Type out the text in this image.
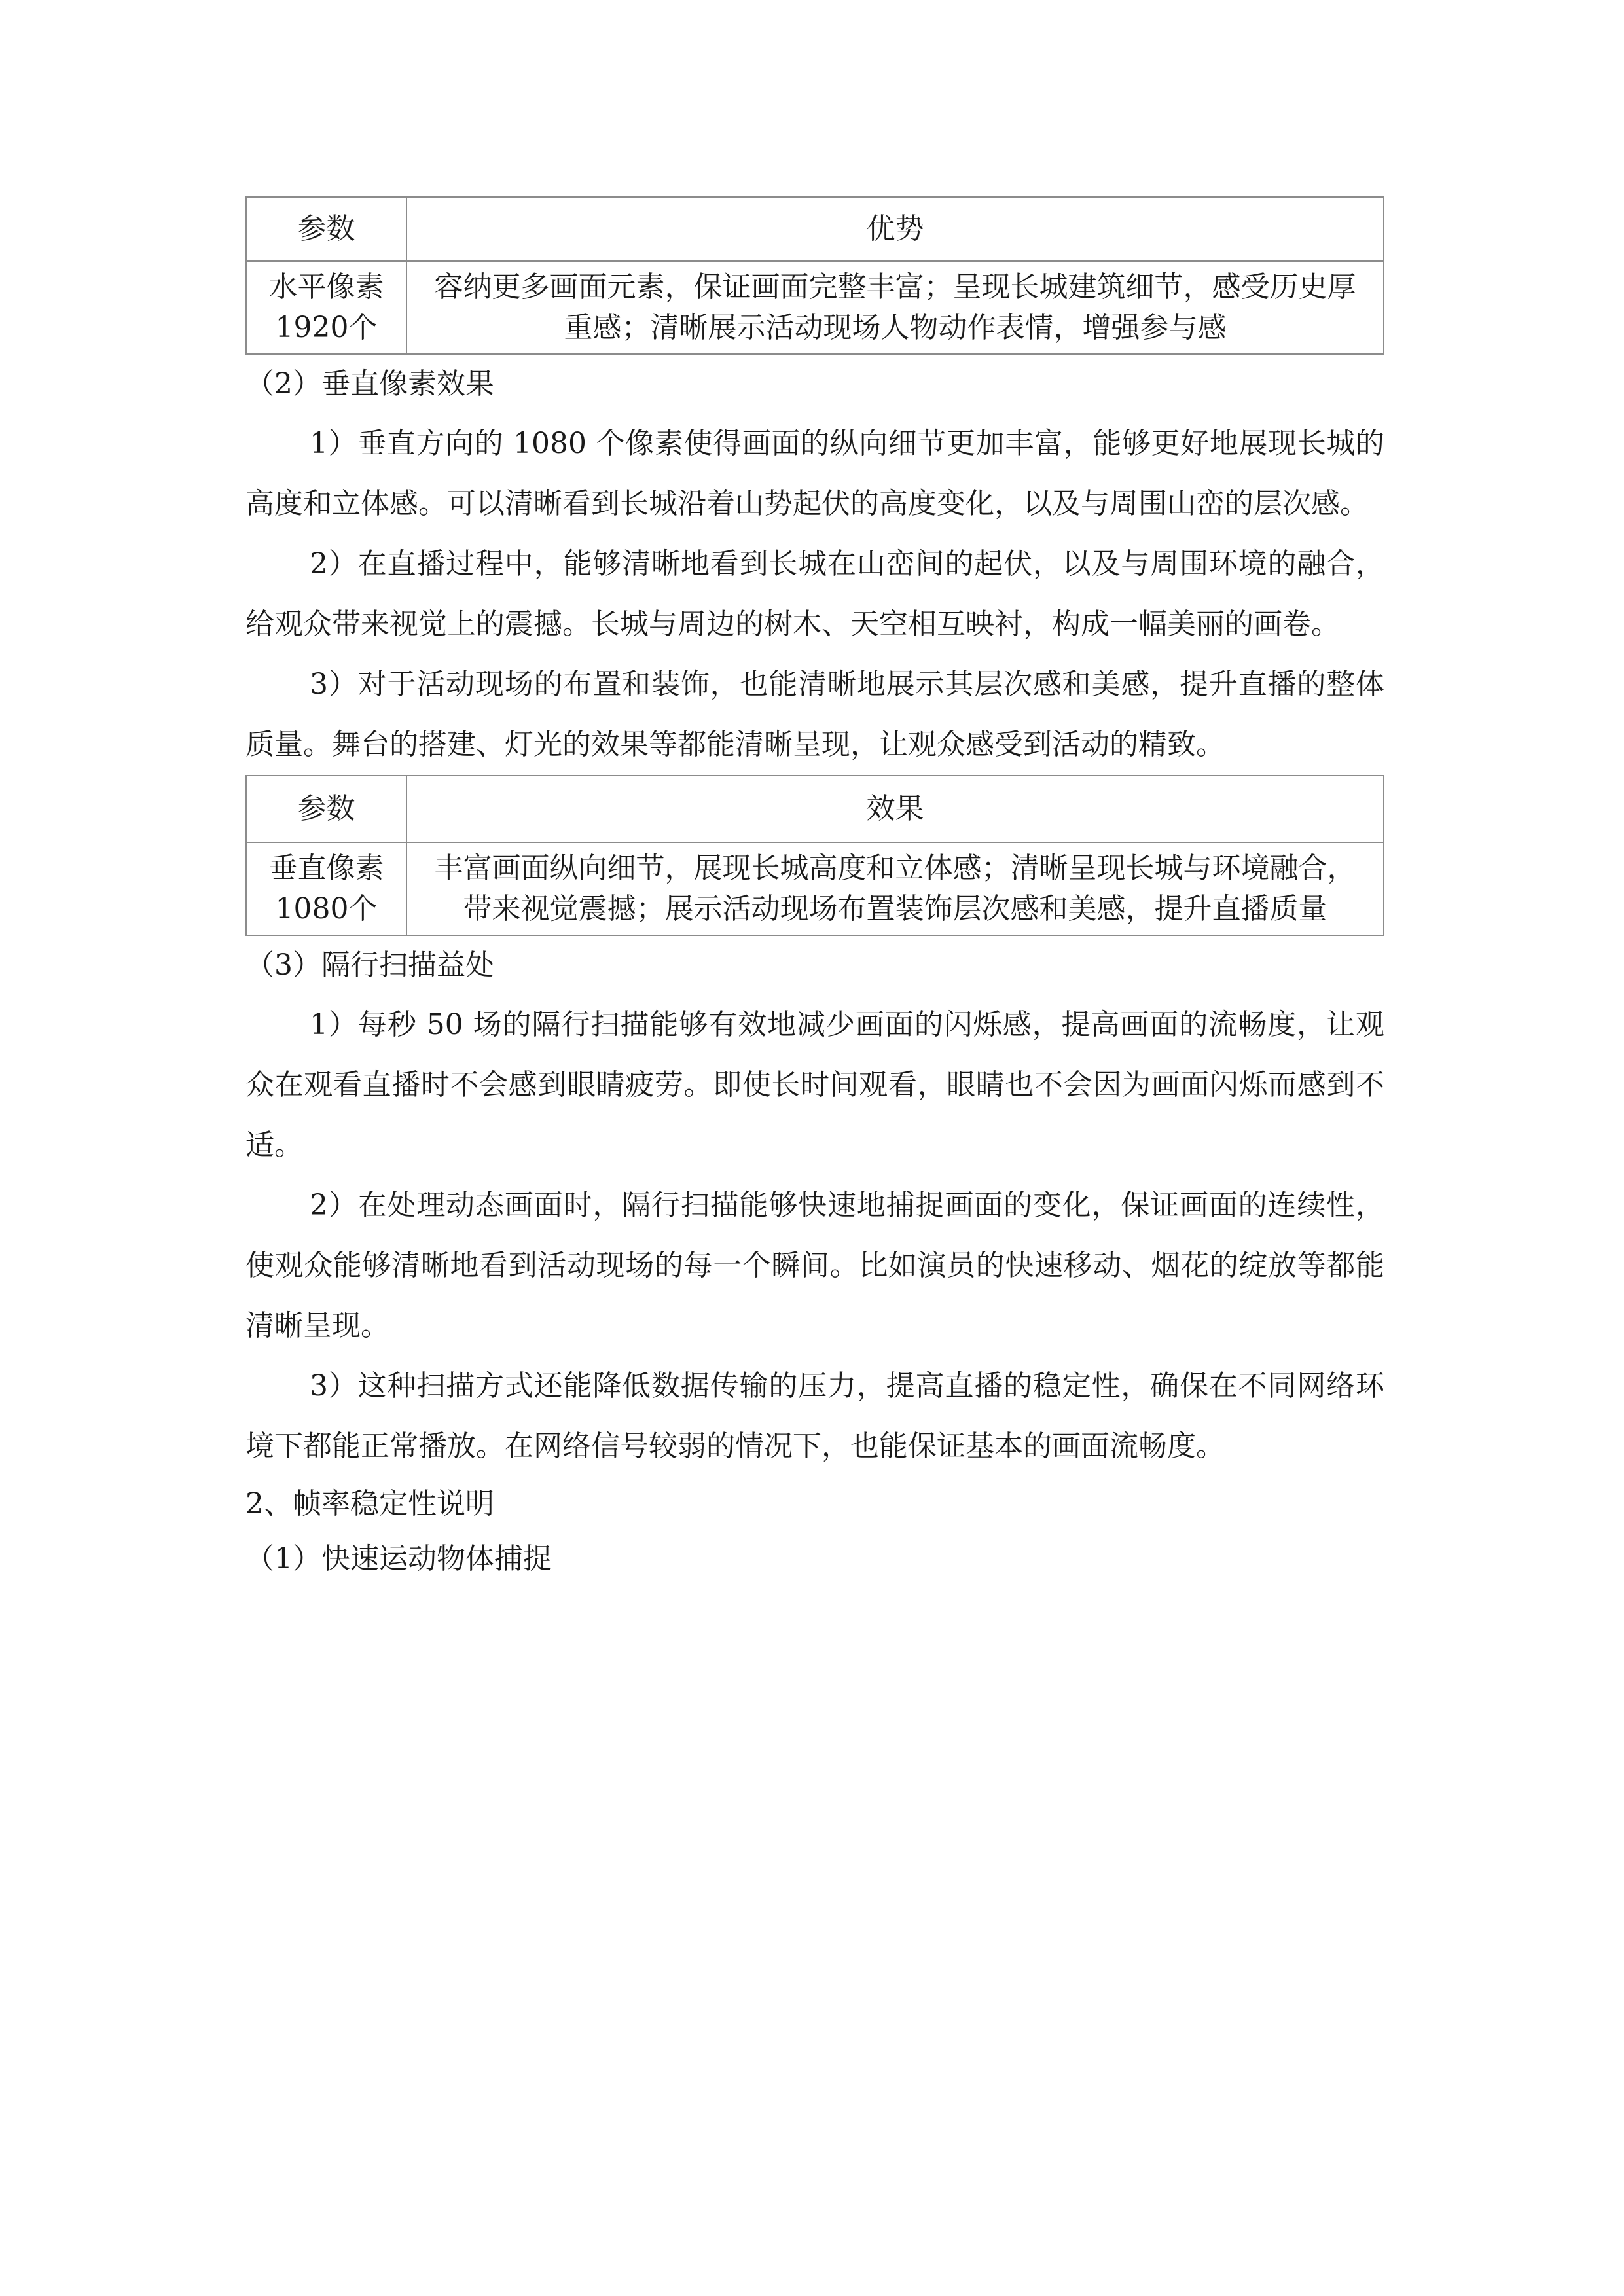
参数	优势
水平像素1920个	容纳更多画面元素，保证画面完整丰富；呈现长城建筑细节，感受历史厚重感；清晰展示活动现场人物动作表情，增强参与感

（2）垂直像素效果

1）垂直方向的 1080 个像素使得画面的纵向细节更加丰富，能够更好地展现长城的高度和立体感。可以清晰看到长城沿着山势起伏的高度变化，以及与周围山峦的层次感。

2）在直播过程中，能够清晰地看到长城在山峦间的起伏，以及与周围环境的融合，给观众带来视觉上的震撼。长城与周边的树木、天空相互映衬，构成一幅美丽的画卷。

3）对于活动现场的布置和装饰，也能清晰地展示其层次感和美感，提升直播的整体质量。舞台的搭建、灯光的效果等都能清晰呈现，让观众感受到活动的精致。

参数	效果
垂直像素1080个	丰富画面纵向细节，展现长城高度和立体感；清晰呈现长城与环境融合，带来视觉震撼；展示活动现场布置装饰层次感和美感，提升直播质量

（3）隔行扫描益处

1）每秒 50 场的隔行扫描能够有效地减少画面的闪烁感，提高画面的流畅度，让观众在观看直播时不会感到眼睛疲劳。即使长时间观看，眼睛也不会因为画面闪烁而感到不适。

2）在处理动态画面时，隔行扫描能够快速地捕捉画面的变化，保证画面的连续性，使观众能够清晰地看到活动现场的每一个瞬间。比如演员的快速移动、烟花的绽放等都能清晰呈现。

3）这种扫描方式还能降低数据传输的压力，提高直播的稳定性，确保在不同网络环境下都能正常播放。在网络信号较弱的情况下，也能保证基本的画面流畅度。

2、帧率稳定性说明

（1）快速运动物体捕捉
